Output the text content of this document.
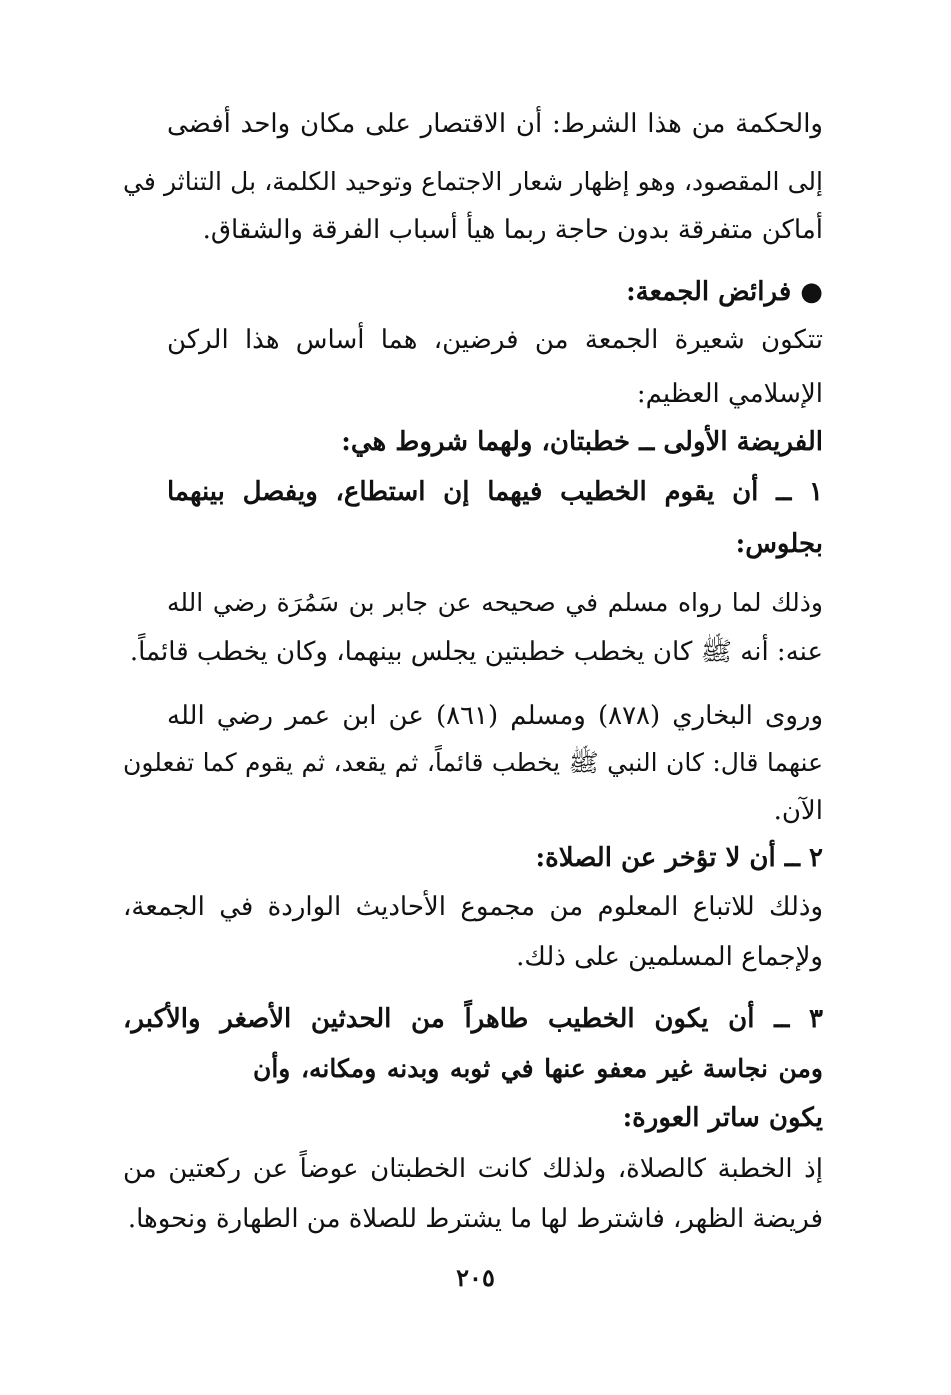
والحكمة من هذا الشرط: أن الاقتصار على مكان واحد أفضى
إلى المقصود، وهو إظهار شعار الاجتماع وتوحيد الكلمة، بل التناثر في
أماكن متفرقة بدون حاجة ربما هيأ أسباب الفرقة والشقاق.
● فرائض الجمعة:
تتكون شعيرة الجمعة من فرضين، هما أساس هذا الركن
الإسلامي العظيم:
الفريضة الأولى ــ خطبتان، ولهما شروط هي:
١ ــ أن يقوم الخطيب فيهما إن استطاع، ويفصل بينهما
بجلوس:
وذلك لما رواه مسلم في صحيحه عن جابر بن سَمُرَة رضي الله
عنه: أنه ﷺ كان يخطب خطبتين يجلس بينهما، وكان يخطب قائماً.
وروى البخاري (٨٧٨) ومسلم (٨٦١) عن ابن عمر رضي الله
عنهما قال: كان النبي ﷺ يخطب قائماً، ثم يقعد، ثم يقوم كما تفعلون
الآن.
٢ ــ أن لا تؤخر عن الصلاة:
وذلك للاتباع المعلوم من مجموع الأحاديث الواردة في الجمعة،
ولإجماع المسلمين على ذلك.
٣ ــ أن يكون الخطيب طاهراً من الحدثين الأصغر والأكبر،
ومن نجاسة غير معفو عنها في ثوبه وبدنه ومكانه، وأن
يكون ساتر العورة:
إذ الخطبة كالصلاة، ولذلك كانت الخطبتان عوضاً عن ركعتين من
فريضة الظهر، فاشترط لها ما يشترط للصلاة من الطهارة ونحوها.
٢٠٥
